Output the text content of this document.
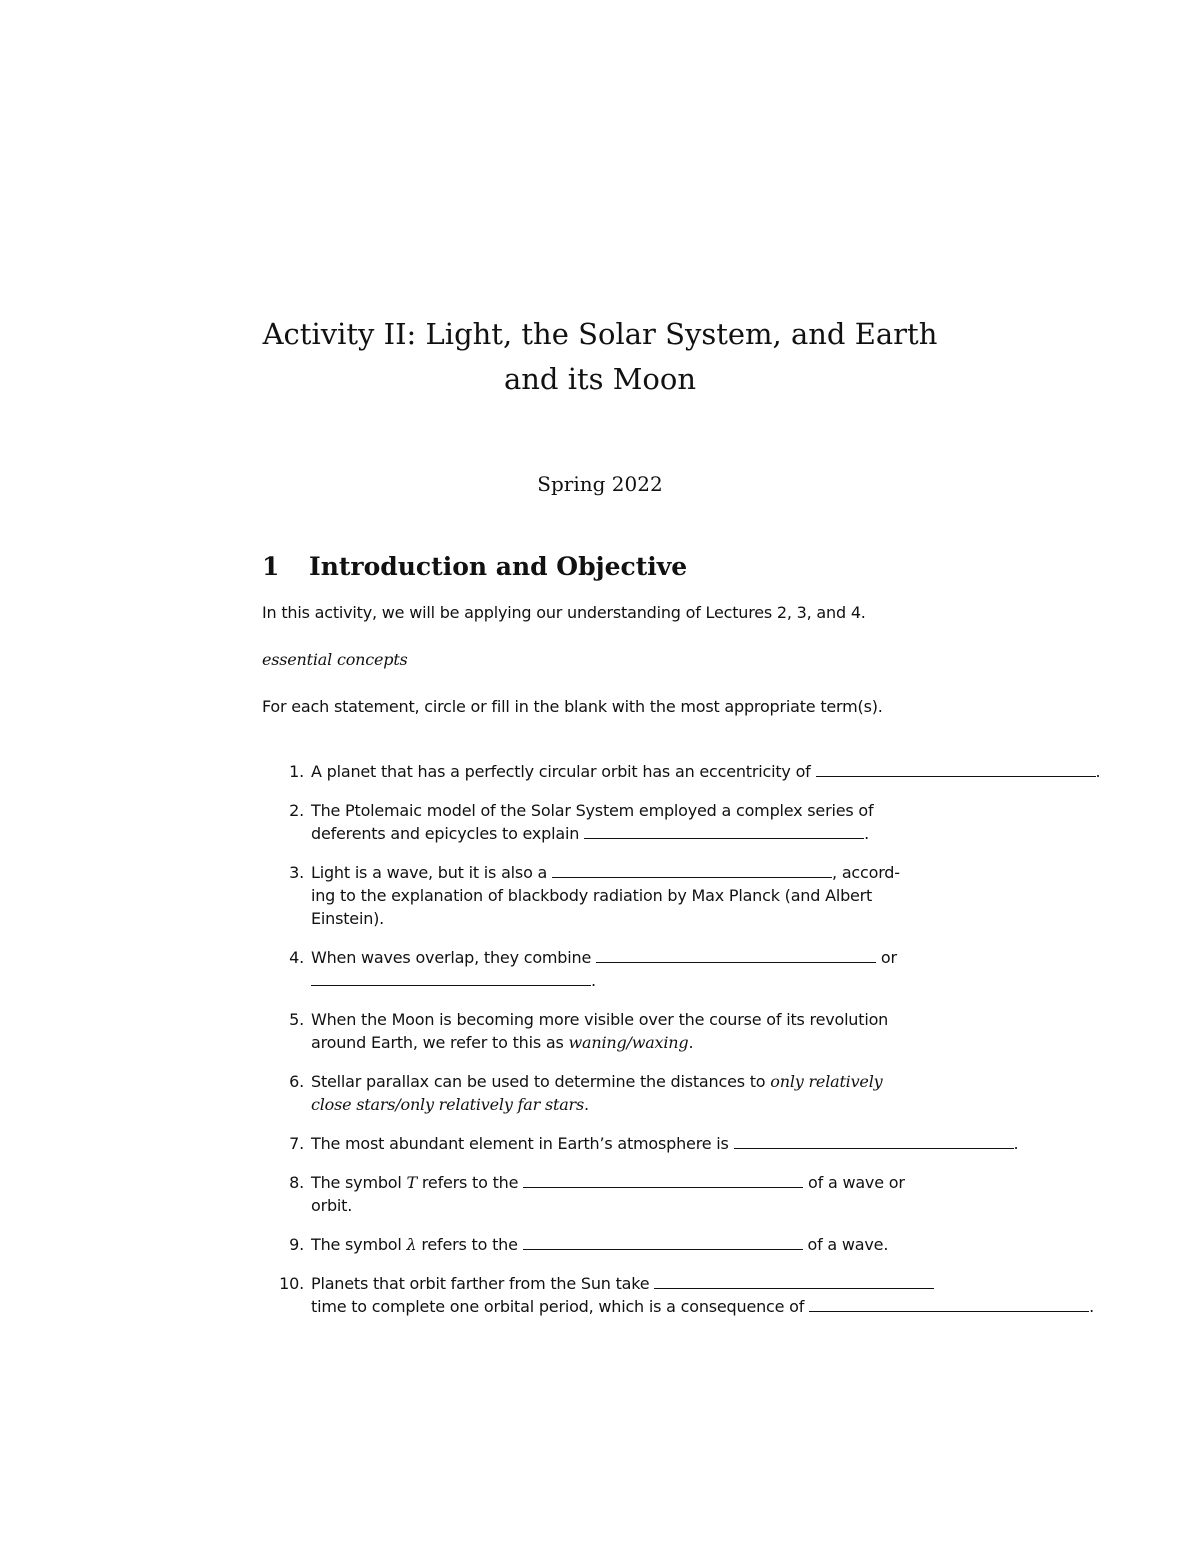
Activity II: Light, the Solar System, and Earth
and its Moon
Spring 2022
1 Introduction and Objective
In this activity, we will be applying our understanding of Lectures 2, 3, and 4.
essential concepts
For each statement, circle or fill in the blank with the most appropriate term(s).
1. A planet that has a perfectly circular orbit has an eccentricity of	.
2. The Ptolemaic model of the Solar System employed a complex series of
deferents and epicycles to explain	.
3. Light is a wave, but it is also a	, accord-
ing to the explanation of blackbody radiation by Max Planck (and Albert
Einstein).
4. When waves overlap, they combine	or
.
5. When the Moon is becoming more visible over the course of its revolution
around Earth, we refer to this as waning/waxing.
6. Stellar parallax can be used to determine the distances to only relatively
close stars/only relatively far stars.
7. The most abundant element in Earth’s atmosphere is	.
8. The symbol T refers to the	of a wave or
orbit.
9. The symbol λ refers to the	of a wave.
10. Planets that orbit farther from the Sun take
time to complete one orbital period, which is a consequence of	.
